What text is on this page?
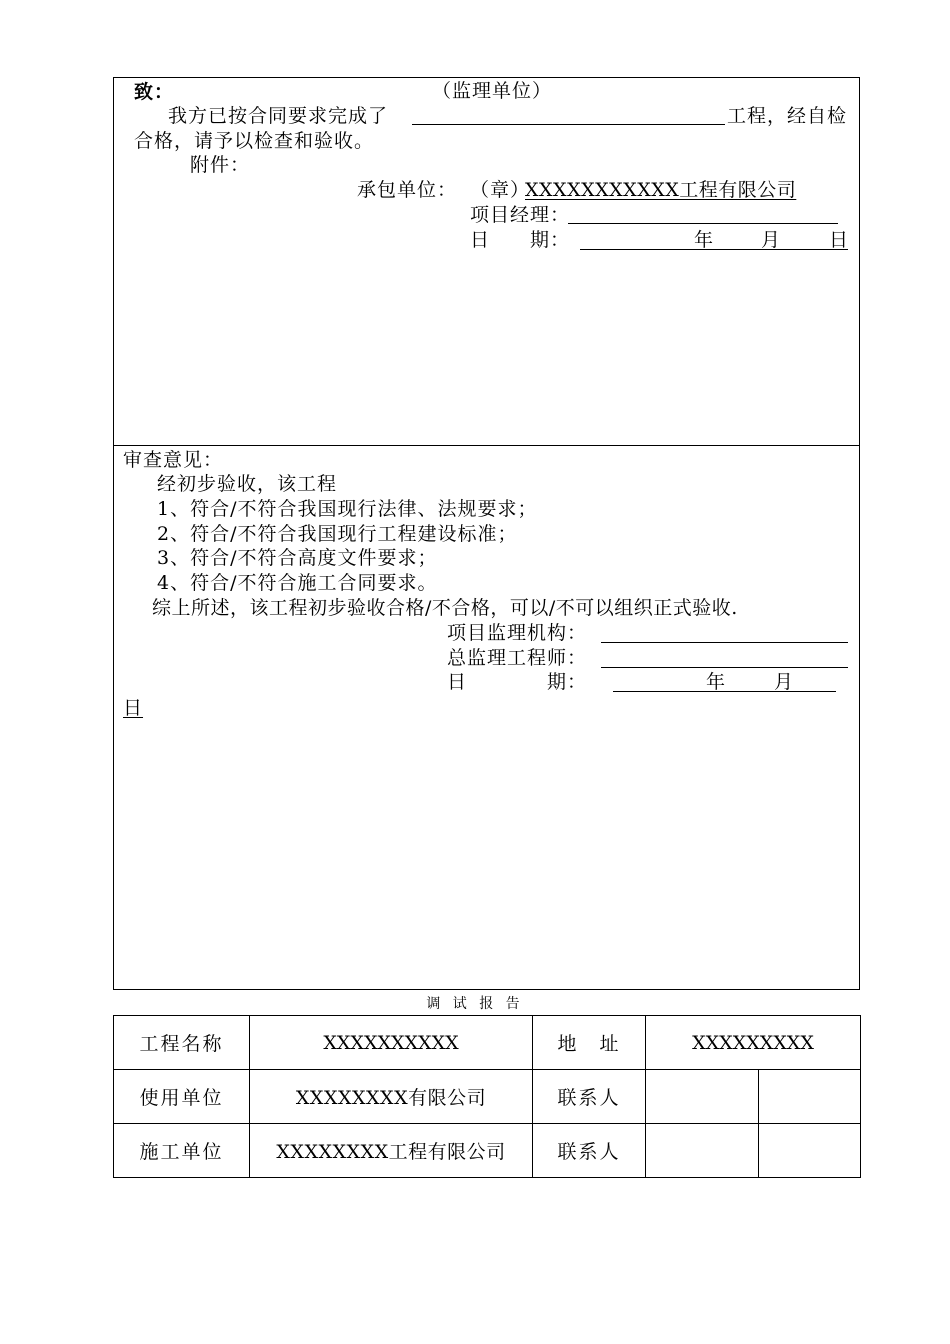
致：	（监理单位）
我方已按合同要求完成了	工程，经自检
合格，请予以检查和验收。
附件：
承包单位： （章）
XXXXXXXXXXX工程有限公司
项目经理：
日　　期：	年 月	日
审查意见：
经初步验收，该工程
1、符合/不符合我国现行法律、法规要求；
2、符合/不符合我国现行工程建设标准；
3、符合/不符合高度文件要求；
4、符合/不符合施工合同要求。
综上所述，该工程初步验收合格/不合格，可以/不可以组织正式验收.
项目监理机构：
总监理工程师：
日　　　　期：	年	月
日
调 试 报 告
工程名称	XXXXXXXXXX	地　址	XXXXXXXXX	
使用单位	XXXXXXXX有限公司	联系人		
施工单位	XXXXXXXX工程有限公司	联系人		
